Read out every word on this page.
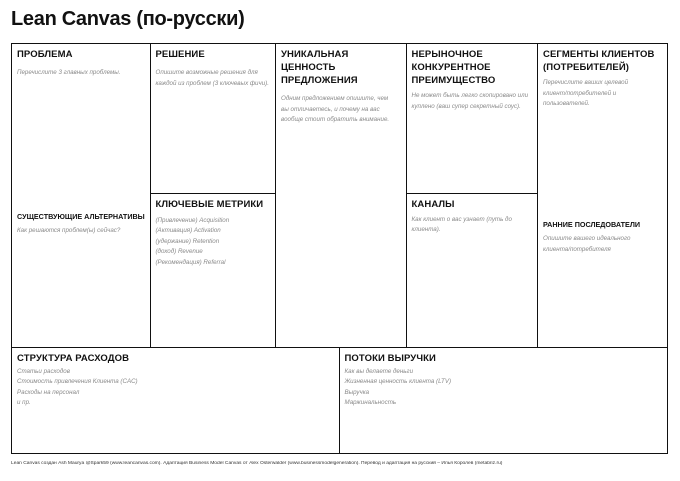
Lean Canvas (по-русски)
ПРОБЛЕМА
Перечислите 3 главных проблемы.
СУЩЕСТВУЮЩИЕ АЛЬТЕРНАТИВЫ
Как решаются проблем(ы) сейчас?
РЕШЕНИЕ
Опишите возможные решения для
каждой из проблем (3 ключевых фичи).
КЛЮЧЕВЫЕ МЕТРИКИ
(Привлечение) Acquisition
(Активация) Activation
(удержание) Retention
(доход) Revenue
(Рекомендация) Referral
УНИКАЛЬНАЯ ЦЕННОСТЬ
ПРЕДЛОЖЕНИЯ
Одним предложением опишите, чем
вы отличаетесь, и почему на вас
вообще стоит обратить внимание.
НЕРЫНОЧНОЕ
КОНКУРЕНТНОЕ
ПРЕИМУЩЕСТВО
Не может быть легко скопировано или
куплено (ваш супер секретный соус).
КАНАЛЫ
Как клиент о вас узнает (путь до
клиента).
СЕГМЕНТЫ КЛИЕНТОВ
(ПОТРЕБИТЕЛЕЙ)
Перечислите ваших целевой
клиент/потребителей и
пользователей.
РАННИЕ ПОСЛЕДОВАТЕЛИ
Опишите вашего идеального
клиента/потребителя
СТРУКТУРА РАСХОДОВ
Статьи расходов
Стоимость привлечения Клиента (CAC)
Расходы на персонал
и пр.
ПОТОКИ ВЫРУЧКИ
Как вы делаете деньги
Жизненная ценность клиента (LTV)
Выручка
Маржинальность
Lean Canvas создан Ash Maurya @Spark59 (www.leancanvas.com). Адаптация Business Model Canvas от Alex Osterwalder (www.businessmodelgeneration). Перевод и адаптация на русский – Илья Королев (metabriz.ru)
